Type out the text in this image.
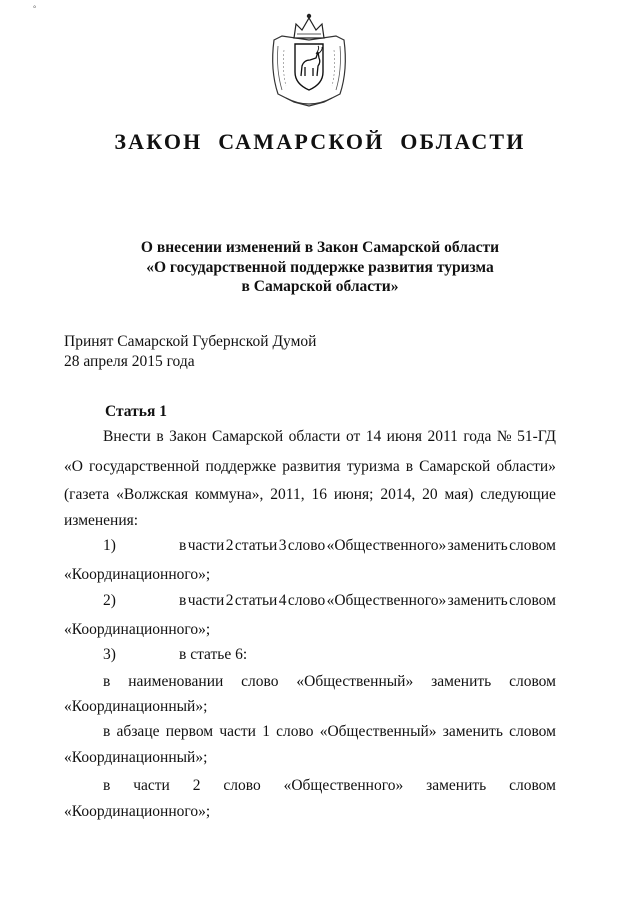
°
ЗАКОН САМАРСКОЙ ОБЛАСТИ
О внесении изменений в Закон Самарской области
«О государственной поддержке развития туризма
в Самарской области»
Принят Самарской Губернской Думой
28 апреля 2015 года
Статья 1
Внести в Закон Самарской области от 14 июня 2011 года № 51-ГД
«О государственной поддержке развития туризма в Самарской области»
(газета «Волжская коммуна», 2011, 16 июня; 2014, 20 мая) следующие
изменения:
1)	в части 2 статьи 3 слово «Общественного» заменить словом
«Координационного»;
2)	в части 2 статьи 4 слово «Общественного» заменить словом
«Координационного»;
3)	в статье 6:
в наименовании слово «Общественный» заменить словом
«Координационный»;
в абзаце первом части 1 слово «Общественный» заменить словом
«Координационный»;
в части 2 слово «Общественного» заменить словом
«Координационного»;
